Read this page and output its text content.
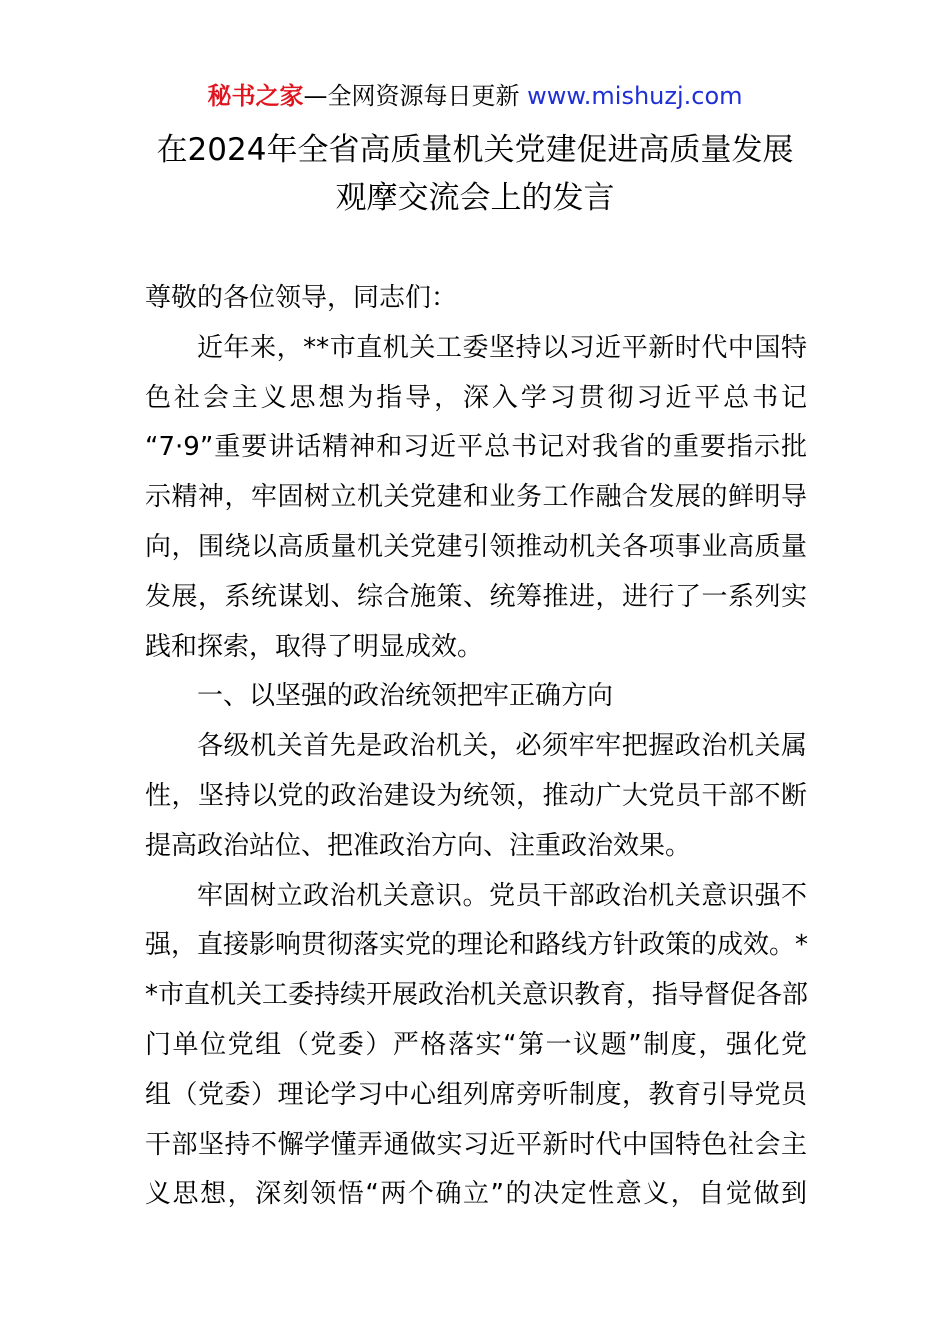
秘书之家—全网资源每日更新 www.mishuzj.com
在2024年全省高质量机关党建促进高质量发展
观摩交流会上的发言
尊敬的各位领导，同志们：
近年来，**市直机关工委坚持以习近平新时代中国特
色社会主义思想为指导，深入学习贯彻习近平总书记
“7·9”重要讲话精神和习近平总书记对我省的重要指示批
示精神，牢固树立机关党建和业务工作融合发展的鲜明导
向，围绕以高质量机关党建引领推动机关各项事业高质量
发展，系统谋划、综合施策、统筹推进，进行了一系列实
践和探索，取得了明显成效。
一、以坚强的政治统领把牢正确方向
各级机关首先是政治机关，必须牢牢把握政治机关属
性，坚持以党的政治建设为统领，推动广大党员干部不断
提高政治站位、把准政治方向、注重政治效果。
牢固树立政治机关意识。党员干部政治机关意识强不
强，直接影响贯彻落实党的理论和路线方针政策的成效。*
*市直机关工委持续开展政治机关意识教育，指导督促各部
门单位党组（党委）严格落实“第一议题”制度，强化党
组（党委）理论学习中心组列席旁听制度，教育引导党员
干部坚持不懈学懂弄通做实习近平新时代中国特色社会主
义思想，深刻领悟“两个确立”的决定性意义，自觉做到
